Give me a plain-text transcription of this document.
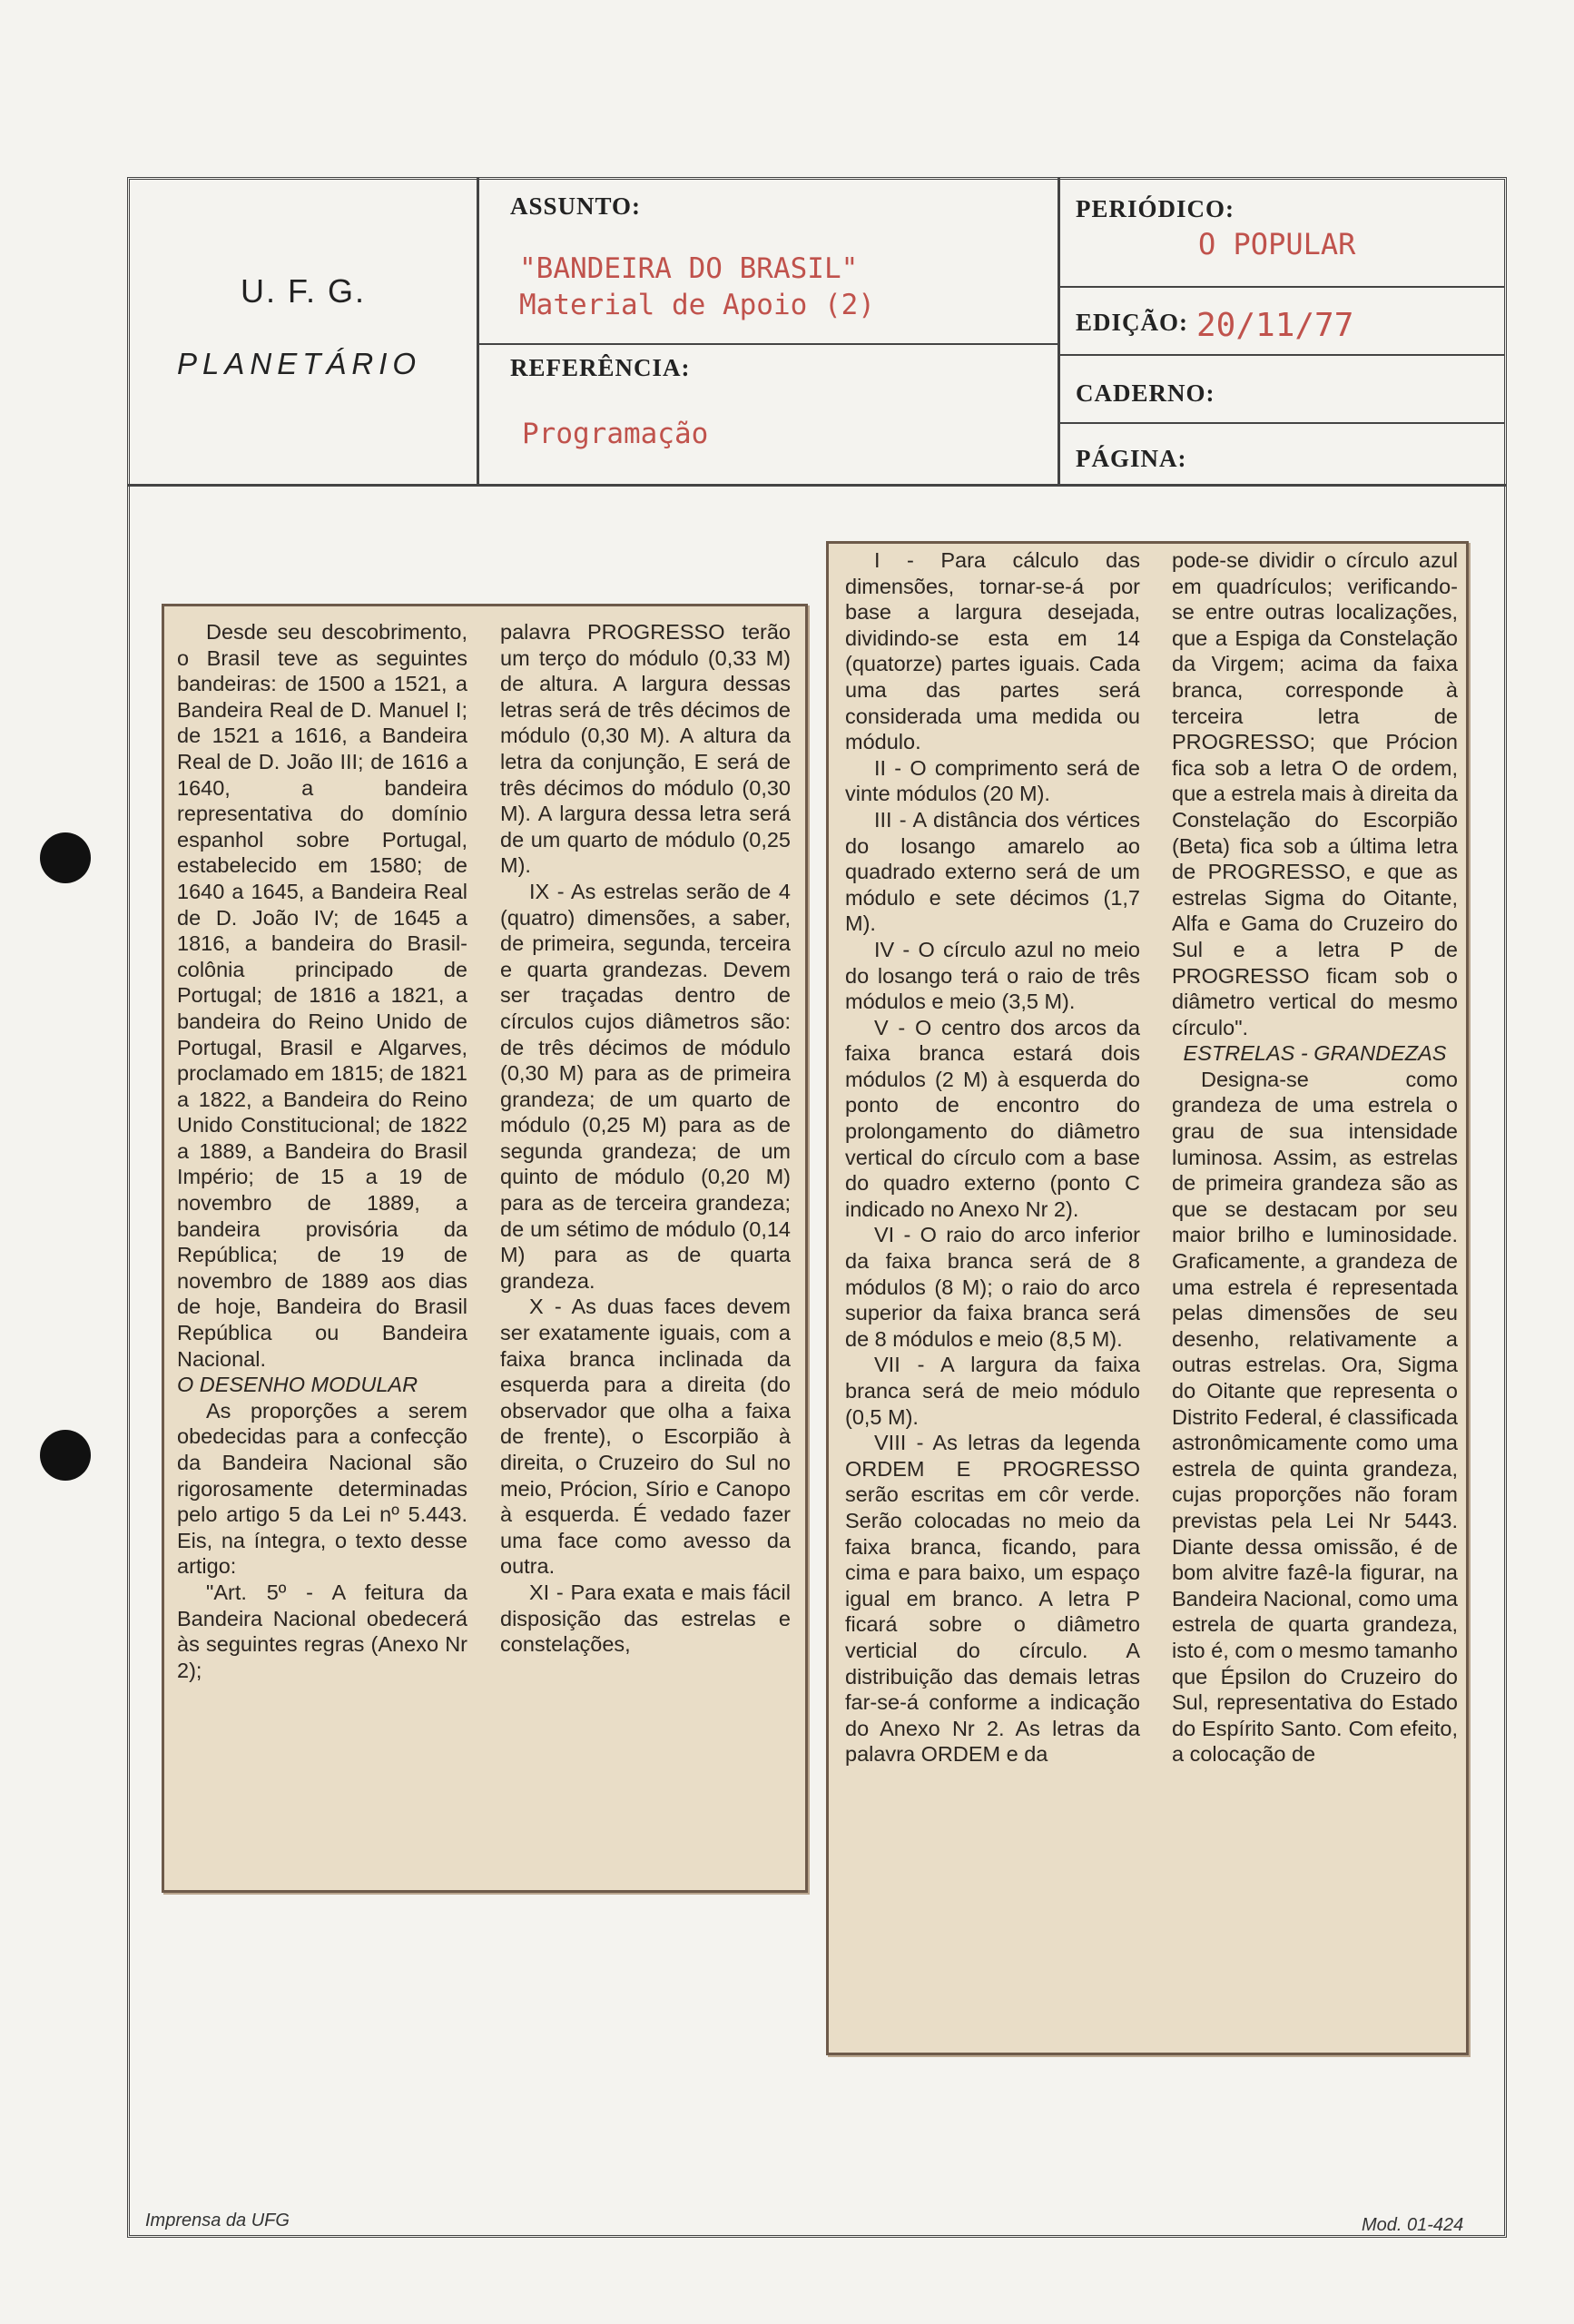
U. F. G.
PLANETÁRIO
ASSUNTO:
"BANDEIRA DO BRASIL"
Material de Apoio (2)
REFERÊNCIA:
Programação
PERIÓDICO:
O POPULAR
EDIÇÃO: 20/11/77
CADERNO:
PÁGINA:

Desde seu descobrimento, o Brasil teve as seguintes bandeiras: de 1500 a 1521, a Bandeira Real de D. Manuel I; de 1521 a 1616, a Bandeira Real de D. João III; de 1616 a 1640, a bandeira representativa do domínio espanhol sobre Portugal, estabelecido em 1580; de 1640 a 1645, a Bandeira Real de D. João IV; de 1645 a 1816, a bandeira do Brasil-colônia principado de Portugal; de 1816 a 1821, a bandeira do Reino Unido de Portugal, Brasil e Algarves, proclamado em 1815; de 1821 a 1822, a Bandeira do Reino Unido Constitucional; de 1822 a 1889, a Bandeira do Brasil Império; de 15 a 19 de novembro de 1889, a bandeira provisória da República; de 19 de novembro de 1889 aos dias de hoje, Bandeira do Brasil República ou Bandeira Nacional.

O DESENHO MODULAR

As proporções a serem obedecidas para a confecção da Bandeira Nacional são rigorosamente determinadas pelo artigo 5 da Lei nº 5.443. Eis, na íntegra, o texto desse artigo:

"Art. 5º - A feitura da Bandeira Nacional obedecerá às seguintes regras (Anexo Nr 2);

palavra PROGRESSO terão um terço do módulo (0,33 M) de altura. A largura dessas letras será de três décimos de módulo (0,30 M). A altura da letra da conjunção, E será de três décimos do módulo (0,30 M). A largura dessa letra será de um quarto de módulo (0,25 M).

IX - As estrelas serão de 4 (quatro) dimensões, a saber, de primeira, segunda, terceira e quarta grandezas. Devem ser traçadas dentro de círculos cujos diâmetros são: de três décimos de módulo (0,30 M) para as de primeira grandeza; de um quarto de módulo (0,25 M) para as de segunda grandeza; de um quinto de módulo (0,20 M) para as de terceira grandeza; de um sétimo de módulo (0,14 M) para as de quarta grandeza.

X - As duas faces devem ser exatamente iguais, com a faixa branca inclinada da esquerda para a direita (do observador que olha a faixa de frente), o Escorpião à direita, o Cruzeiro do Sul no meio, Prócion, Sírio e Canopo à esquerda. É vedado fazer uma face como avesso da outra.

XI - Para exata e mais fácil disposição das estrelas e constelações,

I - Para cálculo das dimensões, tornar-se-á por base a largura desejada, dividindo-se esta em 14 (quatorze) partes iguais. Cada uma das partes será considerada uma medida ou módulo.

II - O comprimento será de vinte módulos (20 M).

III - A distância dos vértices do losango amarelo ao quadrado externo será de um módulo e sete décimos (1,7 M).

IV - O círculo azul no meio do losango terá o raio de três módulos e meio (3,5 M).

V - O centro dos arcos da faixa branca estará dois módulos (2 M) à esquerda do ponto de encontro do prolongamento do diâmetro vertical do círculo com a base do quadro externo (ponto C indicado no Anexo Nr 2).

VI - O raio do arco inferior da faixa branca será de 8 módulos (8 M); o raio do arco superior da faixa branca será de 8 módulos e meio (8,5 M).

VII - A largura da faixa branca será de meio módulo (0,5 M).

VIII - As letras da legenda ORDEM E PROGRESSO serão escritas em côr verde. Serão colocadas no meio da faixa branca, ficando, para cima e para baixo, um espaço igual em branco. A letra P ficará sobre o diâmetro verticial do círculo. A distribuição das demais letras far-se-á conforme a indicação do Anexo Nr 2. As letras da palavra ORDEM e da

pode-se dividir o círculo azul em quadrículos; verificando-se entre outras localizações, que a Espiga da Constelação da Virgem; acima da faixa branca, corresponde à terceira letra de PROGRESSO; que Prócion fica sob a letra O de ordem, que a estrela mais à direita da Constelação do Escorpião (Beta) fica sob a última letra de PROGRESSO, e que as estrelas Sigma do Oitante, Alfa e Gama do Cruzeiro do Sul e a letra P de PROGRESSO ficam sob o diâmetro vertical do mesmo círculo".

ESTRELAS - GRANDEZAS

Designa-se como grandeza de uma estrela o grau de sua intensidade luminosa. Assim, as estrelas de primeira grandeza são as que se destacam por seu maior brilho e luminosidade. Graficamente, a grandeza de uma estrela é representada pelas dimensões de seu desenho, relativamente a outras estrelas. Ora, Sigma do Oitante que representa o Distrito Federal, é classificada astronômicamente como uma estrela de quinta grandeza, cujas proporções não foram previstas pela Lei Nr 5443. Diante dessa omissão, é de bom alvitre fazê-la figurar, na Bandeira Nacional, como uma estrela de quarta grandeza, isto é, com o mesmo tamanho que Épsilon do Cruzeiro do Sul, representativa do Estado do Espírito Santo. Com efeito, a colocação de

Imprensa da UFG	Mod. 01-424
